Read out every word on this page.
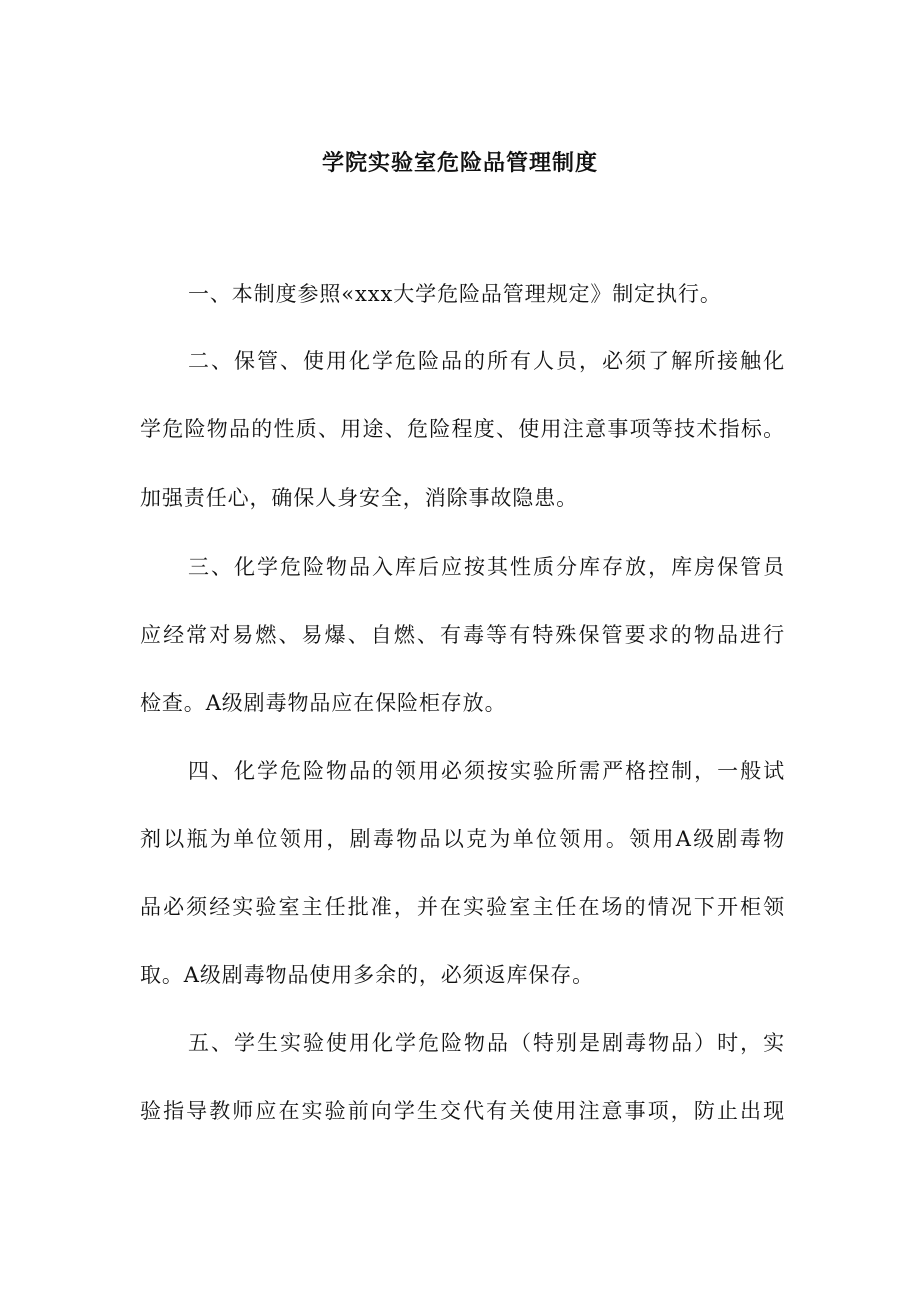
学院实验室危险品管理制度

一、本制度参照«xxx大学危险品管理规定》制定执行。

二、保管、使用化学危险品的所有人员，必须了解所接触化

学危险物品的性质、用途、危险程度、使用注意事项等技术指标。

加强责任心，确保人身安全，消除事故隐患。

三、化学危险物品入库后应按其性质分库存放，库房保管员

应经常对易燃、易爆、自燃、有毒等有特殊保管要求的物品进行

检查。A级剧毒物品应在保险柜存放。

四、化学危险物品的领用必须按实验所需严格控制，一般试

剂以瓶为单位领用，剧毒物品以克为单位领用。领用A级剧毒物

品必须经实验室主任批准，并在实验室主任在场的情况下开柜领

取。A级剧毒物品使用多余的，必须返库保存。

五、学生实验使用化学危险物品（特别是剧毒物品）时，实

验指导教师应在实验前向学生交代有关使用注意事项，防止出现
